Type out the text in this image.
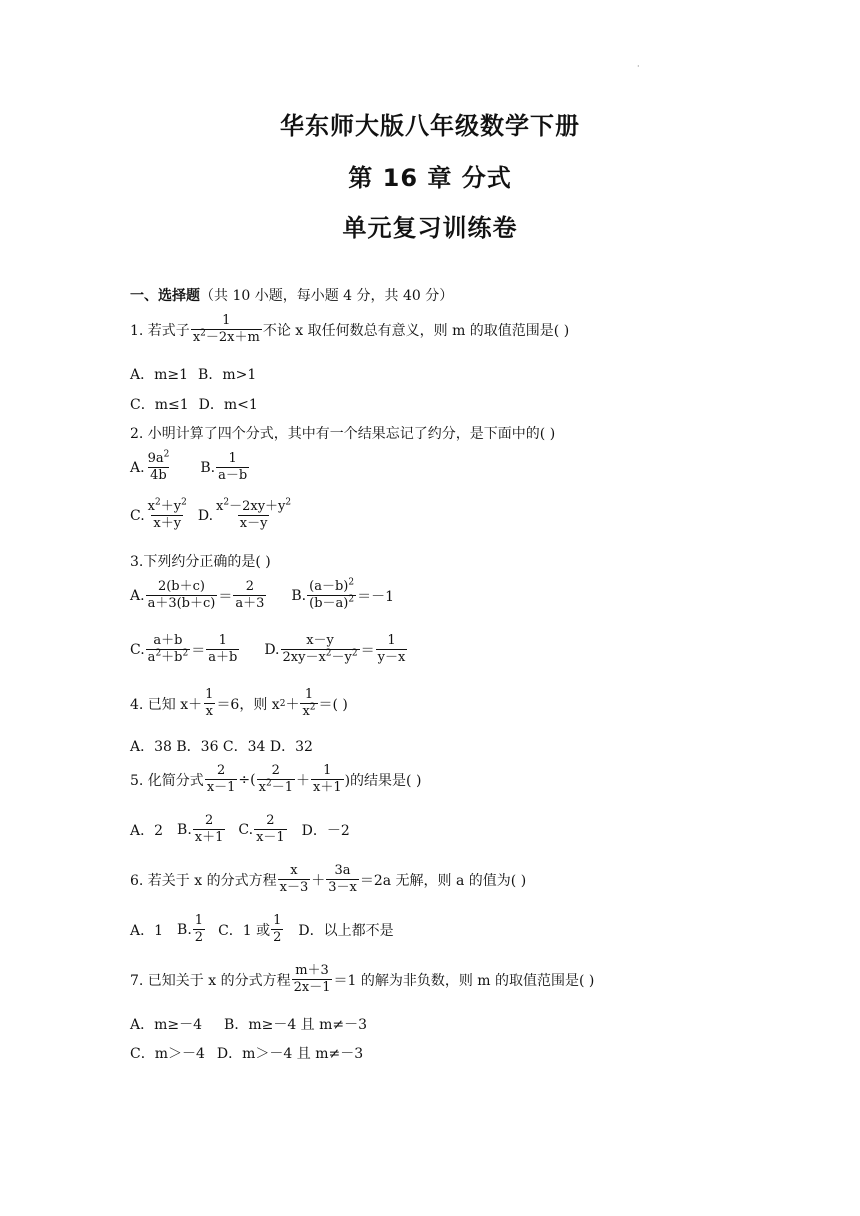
·
华东师大版八年级数学下册
第 16 章 分式
单元复习训练卷
一、选择题 （共 10 小题，每小题 4 分，共 40 分）
1. 若式子 $\frac{1}{x^2-2x+m}$ 不论 x 取任何数总有意义，则 m 的取值范围是( )
A．m≥1 B．m>1
C．m≤1 D．m<1
2. 小明计算了四个分式，其中有一个结果忘记了约分，是下面中的( )
A. $\frac{9a^2}{4b} B$. $\frac{1}{a-b}$
C. $\frac{x^2+y^2}{x+y} D$. $\frac{x^2-2xy+y^2}{x-y}$
3.下列约分正确的是( )
A. $\frac{2(b+c)}{a+3(b+c)} = \frac{2}{a+3} B$. $\frac{(a-b)^2}{(b-a)^2} =-1$
C. $\frac{a+b}{a^2+b^2} = \frac{1}{a+b} D$. $\frac{x-y}{2xy-x^2-y^2} = \frac{1}{y-x}$
4. 已知 $x+ \frac{1}{x} =6$，则 x $2 + \frac{1}{x^2}$ ＝( )
A．38 B．36 C．34 D．32
5. 化简分式 $\frac{2}{x-1}$ ÷( $\frac{2}{x^2-1} + \frac{1}{x+1}$ )的结果是( )
A．2 B. $\frac{2}{x+1} C$. $\frac{2}{x-1}$ D．－2
6. 若关于 x 的分式方程 $\frac{x}{x-3} + \frac{3a}{3-x} =2a$ 无解，则 a 的值为( )
A．1 B. $\frac{1}{2}$ C．1 或 $\frac{1}{2}$ D．以上都不是
7. 已知关于 x 的分式方程 $\frac{m+3}{2x-1} =1$ 的解为非负数，则 m 的取值范围是( )
A．m≥－4 B．m≥－4 且 m≠－3
C．m＞－4 D．m＞－4 且 m≠－3
